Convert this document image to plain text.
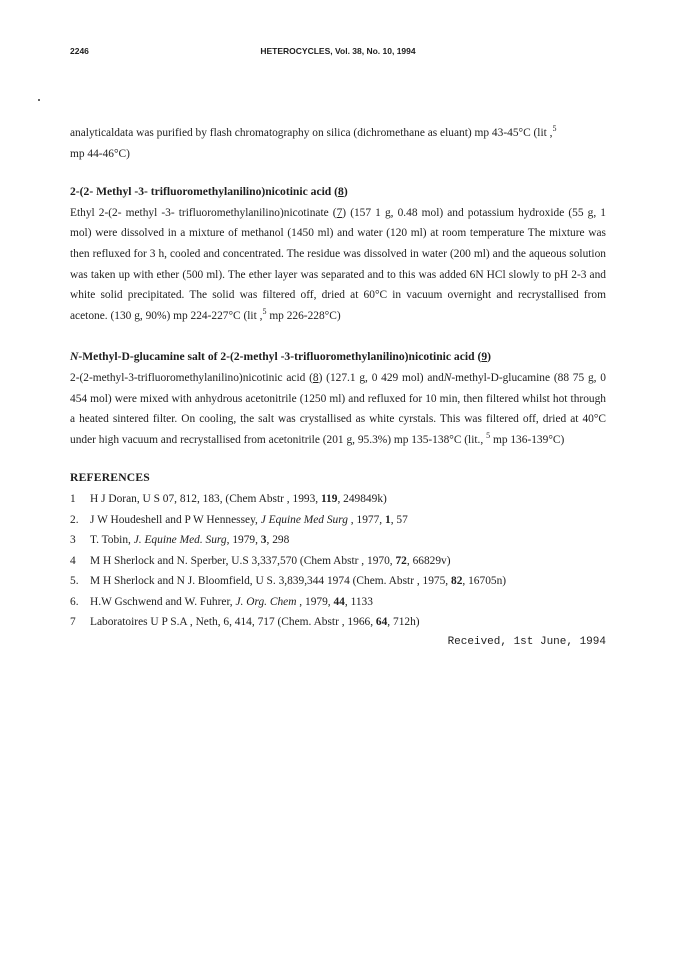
2246	HETEROCYCLES, Vol. 38, No. 10, 1994

analyticaldata was purified by flash chromatography on silica (dichromethane as eluant) mp 43-45°C (lit ,$^5$
mp 44-46°C)

2-(2- Methyl -3- trifluoromethylanilino)nicotinic acid (8)

Ethyl 2-(2- methyl -3- trifluoromethylanilino)nicotinate (7) (157 1 g, 0.48 mol) and potassium hydroxide (55 g, 1 mol) were dissolved in a mixture of methanol (1450 ml) and water (120 ml) at room temperature The mixture was then refluxed for 3 h, cooled and concentrated. The residue was dissolved in water (200 ml) and the aqueous solution was taken up with ether (500 ml). The ether layer was separated and to this was added 6N HCl slowly to pH 2-3 and white solid precipitated. The solid was filtered off, dried at 60°C in vacuum overnight and recrystallised from acetone. (130 g, 90%) mp 224-227°C (lit ,$^5$ mp 226-228°C)

N-Methyl-D-glucamine salt of 2-(2-methyl -3-trifluoromethylanilino)nicotinic acid (9)

2-(2-methyl-3-trifluoromethylanilino)nicotinic acid (8) (127.1 g, 0 429 mol) andN-methyl-D-glucamine (88 75 g, 0 454 mol) were mixed with anhydrous acetonitrile (1250 ml) and refluxed for 10 min, then filtered whilst hot through a heated sintered filter. On cooling, the salt was crystallised as white cyrstals. This was filtered off, dried at 40°C under high vacuum and recrystallised from acetonitrile (201 g, 95.3%) mp 135-138°C (lit., $^5$ mp 136-139°C)

REFERENCES

1 H J Doran, U S 07, 812, 183, (Chem Abstr , 1993, 119, 249849k)
2. J W Houdeshell and P W Hennessey, J Equine Med Surg , 1977, 1, 57
3 T. Tobin, J. Equine Med. Surg, 1979, 3, 298
4 M H Sherlock and N. Sperber, U.S 3,337,570 (Chem Abstr , 1970, 72, 66829v)
5. M H Sherlock and N J. Bloomfield, U S. 3,839,344 1974 (Chem. Abstr , 1975, 82, 16705n)
6. H.W Gschwend and W. Fuhrer, J. Org. Chem , 1979, 44, 1133
7 Laboratoires U P S.A , Neth, 6, 414, 717 (Chem. Abstr , 1966, 64, 712h)
Received, 1st June, 1994
